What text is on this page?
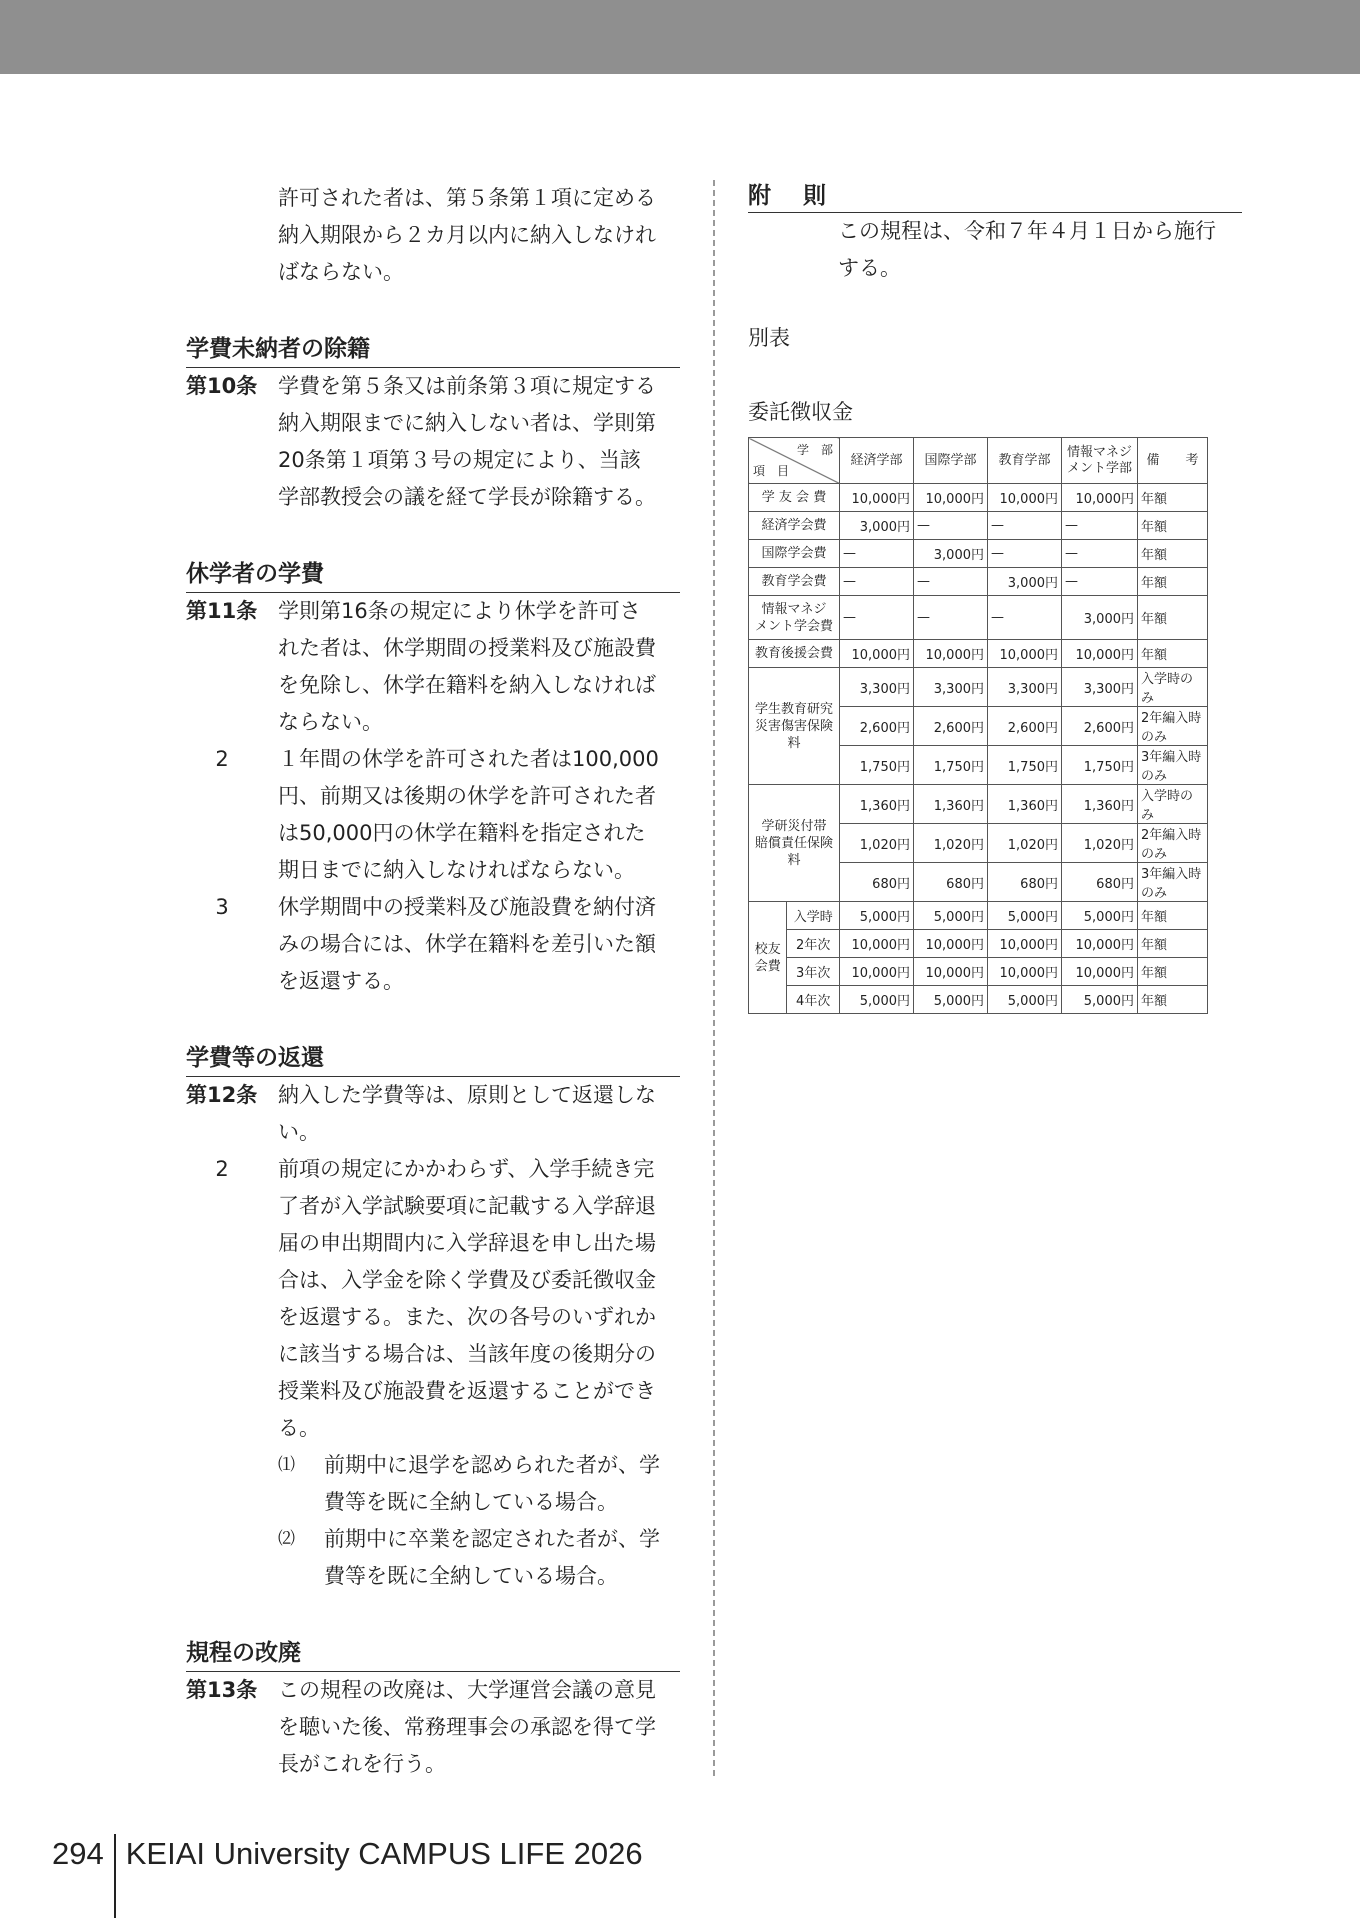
許可された者は、第５条第１項に定める
納入期限から２カ月以内に納入しなけれ
ばならない。
学費未納者の除籍
第10条 学費を第５条又は前条第３項に規定する
納入期限までに納入しない者は、学則第
20条第１項第３号の規定により、当該
学部教授会の議を経て学長が除籍する。
休学者の学費
第11条 学則第16条の規定により休学を許可さ
れた者は、休学期間の授業料及び施設費
を免除し、休学在籍料を納入しなければ
ならない。
2	１年間の休学を許可された者は100,000
円、前期又は後期の休学を許可された者
は50,000円の休学在籍料を指定された
期日までに納入しなければならない。
3	休学期間中の授業料及び施設費を納付済
みの場合には、休学在籍料を差引いた額
を返還する。
学費等の返還
第12条 納入した学費等は、原則として返還しな
い。
2	前項の規定にかかわらず、入学手続き完
了者が入学試験要項に記載する入学辞退
届の申出期間内に入学辞退を申し出た場
合は、入学金を除く学費及び委託徴収金
を返還する。また、次の各号のいずれか
に該当する場合は、当該年度の後期分の
授業料及び施設費を返還することができ
る。
⑴	前期中に退学を認められた者が、学
費等を既に全納している場合。
⑵	前期中に卒業を認定された者が、学
費等を既に全納している場合。
規程の改廃
第13条 この規程の改廃は、大学運営会議の意見
を聴いた後、常務理事会の承認を得て学
長がこれを行う。
附 則
この規程は、令和７年４月１日から施行
する。
別表
委託徴収金
学　部
項　目		経済学部	国際学部	教育学部	情報マネジ
メント学部	備　　考
学 友 会 費		10,000円	10,000円	10,000円	10,000円	年額
経済学会費		3,000円	—	—	—	年額
国際学会費		—	3,000円	—	—	年額
教育学会費		—	—	3,000円	—	年額
情報マネジ
メント学会費		—	—	—	3,000円	年額
教育後援会費		10,000円	10,000円	10,000円	10,000円	年額
学生教育研究
災害傷害保険料		3,300円	3,300円	3,300円	3,300円	入学時のみ
		2,600円	2,600円	2,600円	2,600円	2年編入時のみ
		1,750円	1,750円	1,750円	1,750円	3年編入時のみ
学研災付帯
賠償責任保険料		1,360円	1,360円	1,360円	1,360円	入学時のみ
		1,020円	1,020円	1,020円	1,020円	2年編入時のみ
		680円	680円	680円	680円	3年編入時のみ
校友
会費	入学時	5,000円	5,000円	5,000円	5,000円	年額
	2年次	10,000円	10,000円	10,000円	10,000円	年額
	3年次	10,000円	10,000円	10,000円	10,000円	年額
	4年次	5,000円	5,000円	5,000円	5,000円	年額
294 KEIAI University CAMPUS LIFE 2026
